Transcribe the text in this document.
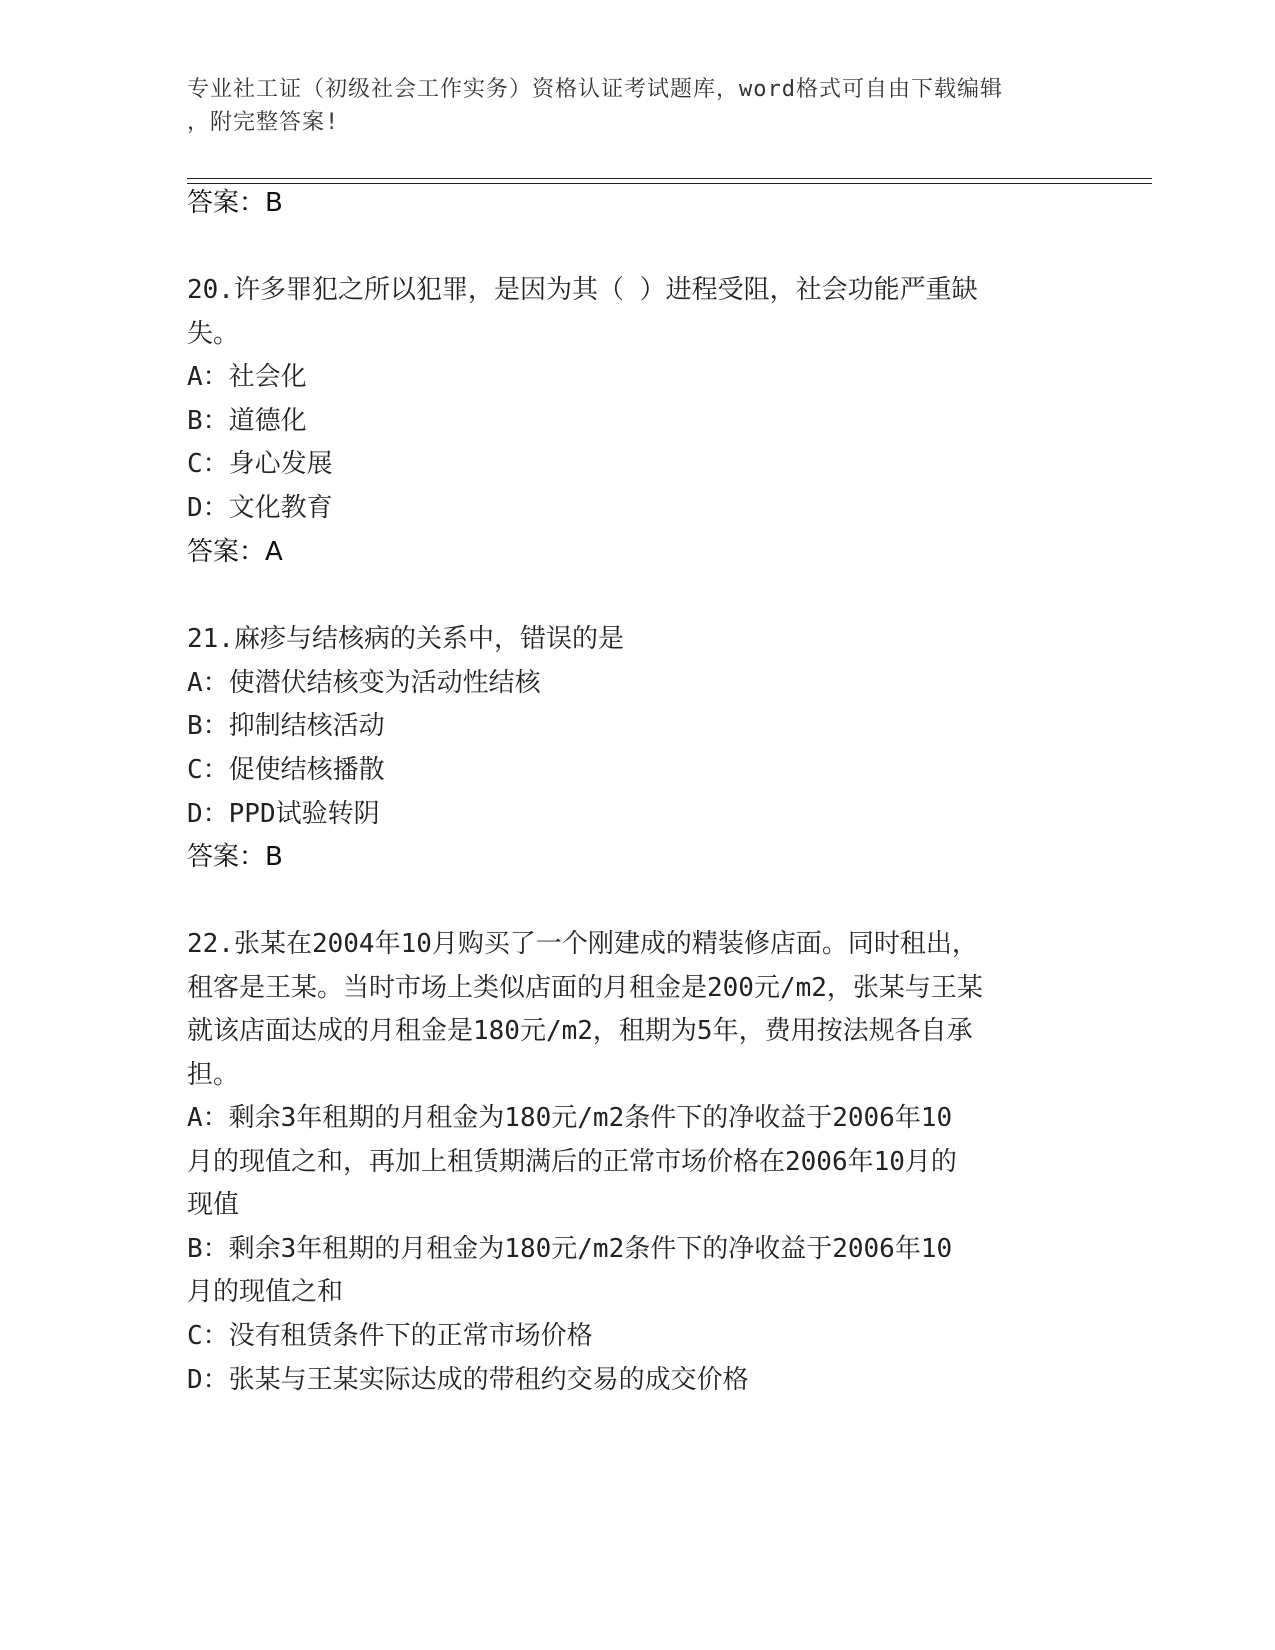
专业社工证（初级社会工作实务）资格认证考试题库，word格式可自由下载编辑
，附完整答案!
答案：B
20.许多罪犯之所以犯罪，是因为其（ ）进程受阻，社会功能严重缺
失。
A：社会化
B：道德化
C：身心发展
D：文化教育
答案：A
21.麻疹与结核病的关系中，错误的是
A：使潜伏结核变为活动性结核
B：抑制结核活动
C：促使结核播散
D：PPD试验转阴
答案：B
22.张某在2004年10月购买了一个刚建成的精装修店面。同时租出，
租客是王某。当时市场上类似店面的月租金是200元/m2，张某与王某
就该店面达成的月租金是180元/m2，租期为5年，费用按法规各自承
担。
A：剩余3年租期的月租金为180元/m2条件下的净收益于2006年10
月的现值之和，再加上租赁期满后的正常市场价格在2006年10月的
现值
B：剩余3年租期的月租金为180元/m2条件下的净收益于2006年10
月的现值之和
C：没有租赁条件下的正常市场价格
D：张某与王某实际达成的带租约交易的成交价格
